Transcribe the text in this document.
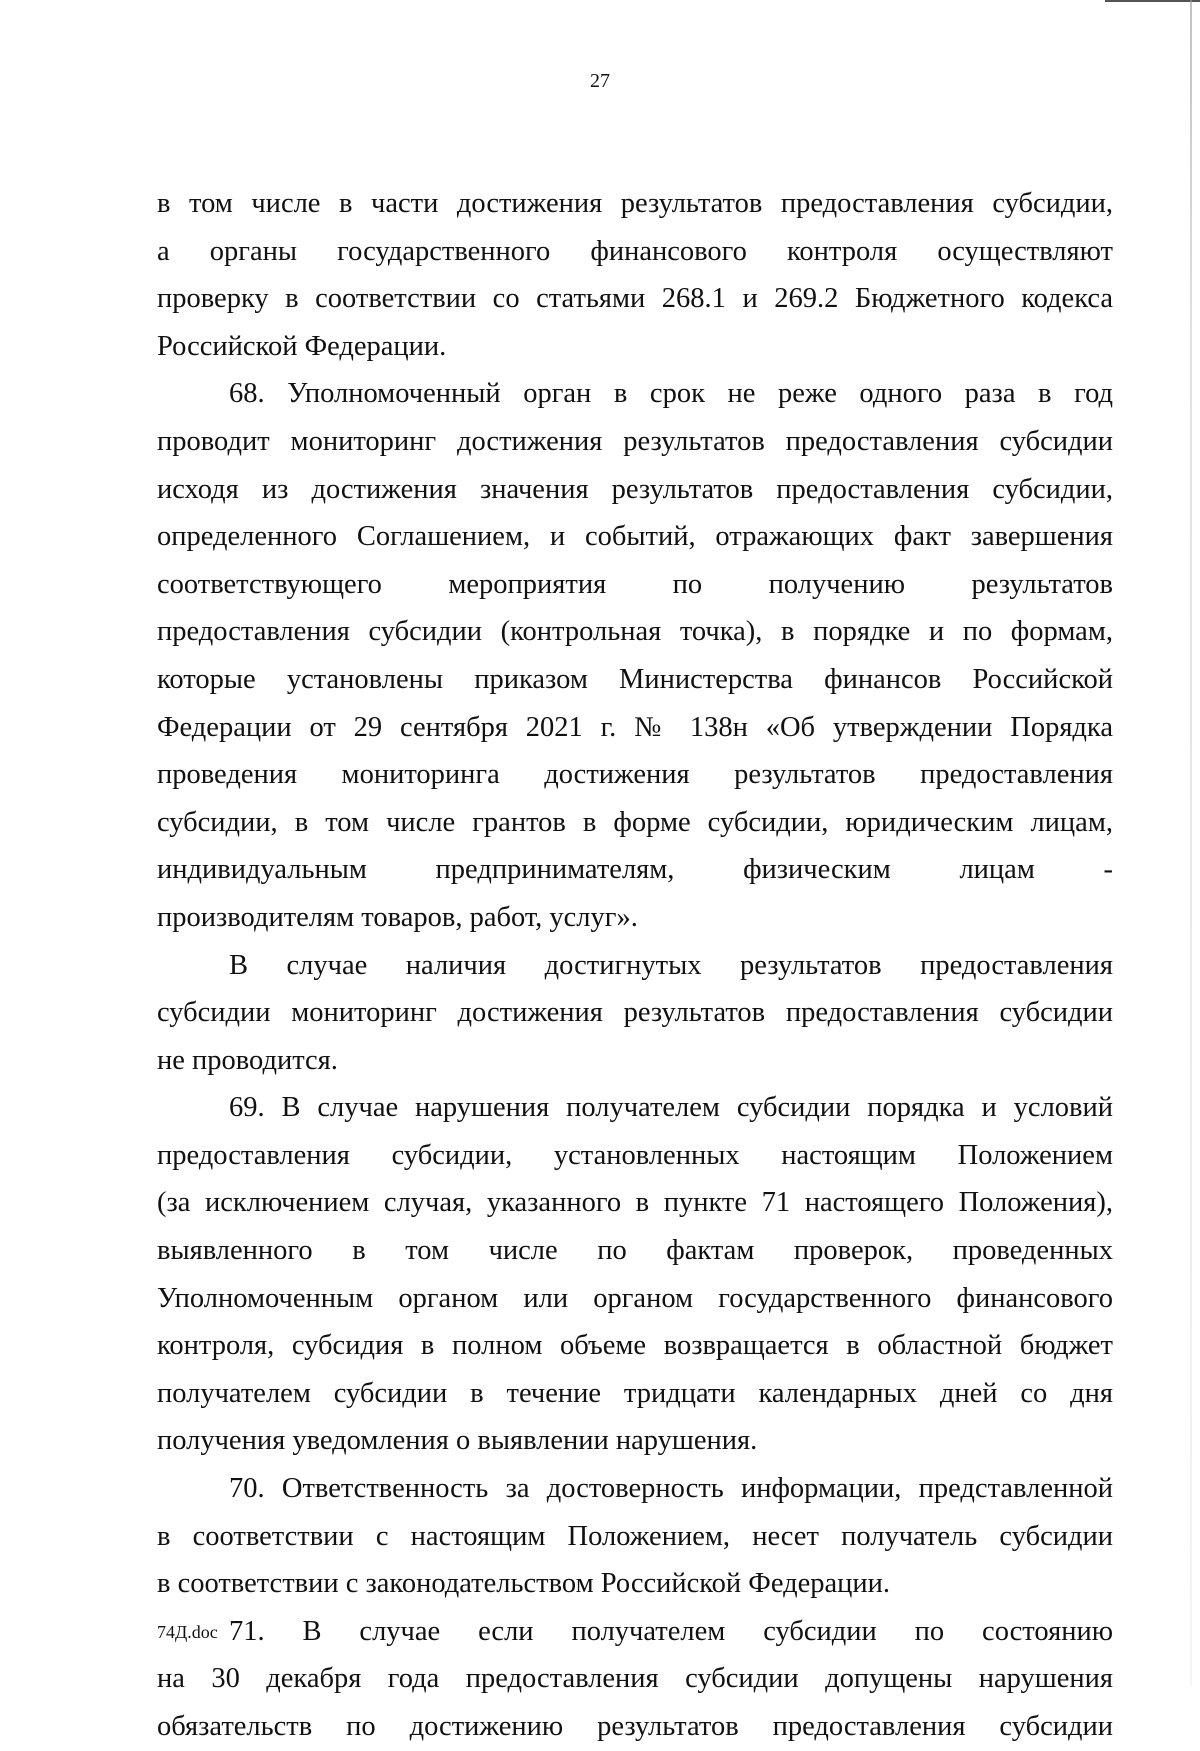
27
в том числе в части достижения результатов предоставления субсидии,
а органы государственного финансового контроля осуществляют
проверку в соответствии со статьями 268.1 и 269.2 Бюджетного кодекса
Российской Федерации.
68. Уполномоченный орган в срок не реже одного раза в год
проводит мониторинг достижения результатов предоставления субсидии
исходя из достижения значения результатов предоставления субсидии,
определенного Соглашением, и событий, отражающих факт завершения
соответствующего мероприятия по получению результатов
предоставления субсидии (контрольная точка), в порядке и по формам,
которые установлены приказом Министерства финансов Российской
Федерации от 29 сентября 2021 г. № 138н «Об утверждении Порядка
проведения мониторинга достижения результатов предоставления
субсидии, в том числе грантов в форме субсидии, юридическим лицам,
индивидуальным предпринимателям, физическим лицам -
производителям товаров, работ, услуг».
В случае наличия достигнутых результатов предоставления
субсидии мониторинг достижения результатов предоставления субсидии
не проводится.
69. В случае нарушения получателем субсидии порядка и условий
предоставления субсидии, установленных настоящим Положением
(за исключением случая, указанного в пункте 71 настоящего Положения),
выявленного в том числе по фактам проверок, проведенных
Уполномоченным органом или органом государственного финансового
контроля, субсидия в полном объеме возвращается в областной бюджет
получателем субсидии в течение тридцати календарных дней со дня
получения уведомления о выявлении нарушения.
70. Ответственность за достоверность информации, представленной
в соответствии с настоящим Положением, несет получатель субсидии
в соответствии с законодательством Российской Федерации.
71. В случае если получателем субсидии по состоянию
на 30 декабря года предоставления субсидии допущены нарушения
обязательств по достижению результатов предоставления субсидии
74Д.doc
